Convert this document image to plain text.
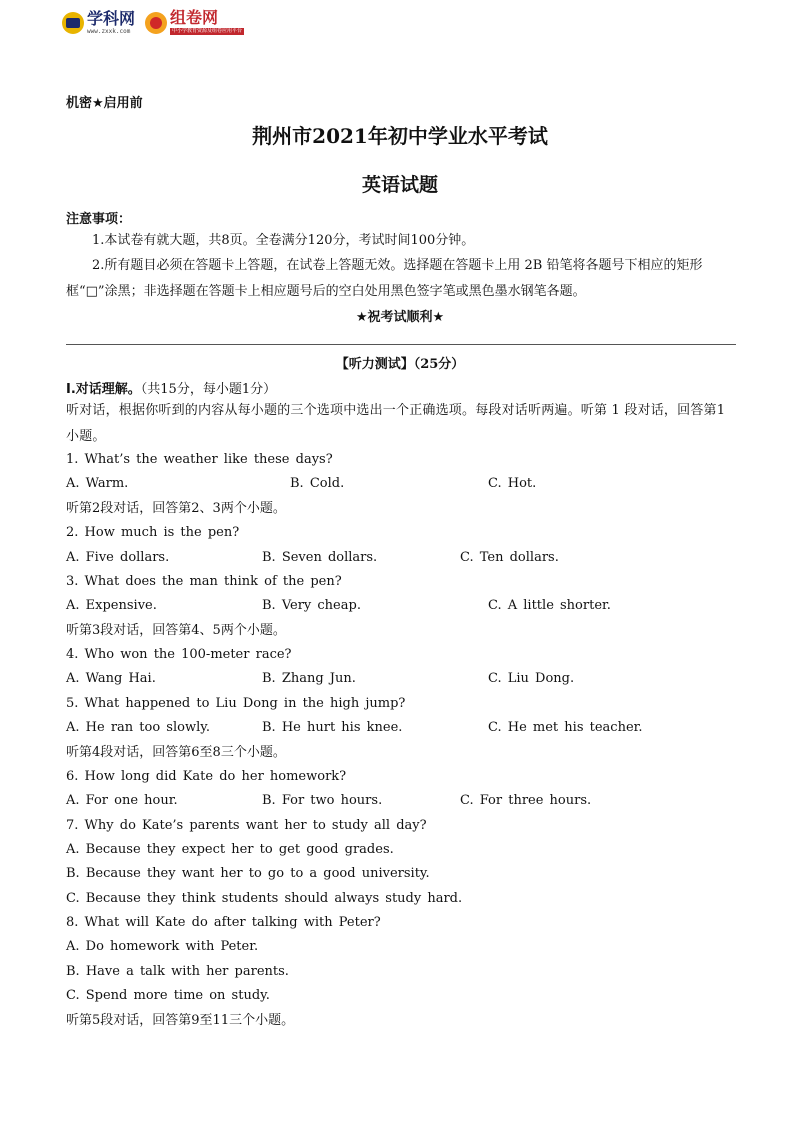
学科网
www.zxxk.com
组卷网
中小学教育资源及组卷应用平台
机密★启用前
荆州市2021年初中学业水平考试
英语试题
注意事项：
1.本试卷有就大题，共8页。全卷满分120分，考试时间100分钟。
2.所有题目必须在答题卡上答题，在试卷上答题无效。选择题在答题卡上用 2B 铅笔将各题号下相应的矩形框“□”涂黑；非选择题在答题卡上相应题号后的空白处用黑色签字笔或黑色墨水钢笔各题。
★祝考试顺利★
【听力测试】（25分）
Ⅰ.对话理解。（共15分，每小题1分）
听对话，根据你听到的内容从每小题的三个选项中选出一个正确选项。每段对话听两遍。听第 1 段对话，回答第1小题。
1. What’s the weather like these days?
A. Warm.	B. Cold.	C. Hot.
听第2段对话，回答第2、3两个小题。
2. How much is the pen?
A. Five dollars.	B. Seven dollars.	C. Ten dollars.
3. What does the man think of the pen?
A. Expensive.	B. Very cheap.	C. A little shorter.
听第3段对话，回答第4、5两个小题。
4. Who won the 100-meter race?
A. Wang Hai.	B. Zhang Jun.	C. Liu Dong.
5. What happened to Liu Dong in the high jump?
A. He ran too slowly.	B. He hurt his knee.	C. He met his teacher.
听第4段对话，回答第6至8三个小题。
6. How long did Kate do her homework?
A. For one hour.	B. For two hours.	C. For three hours.
7. Why do Kate’s parents want her to study all day?
A. Because they expect her to get good grades.
B. Because they want her to go to a good university.
C. Because they think students should always study hard.
8. What will Kate do after talking with Peter?
A. Do homework with Peter.
B. Have a talk with her parents.
C. Spend more time on study.
听第5段对话，回答第9至11三个小题。
